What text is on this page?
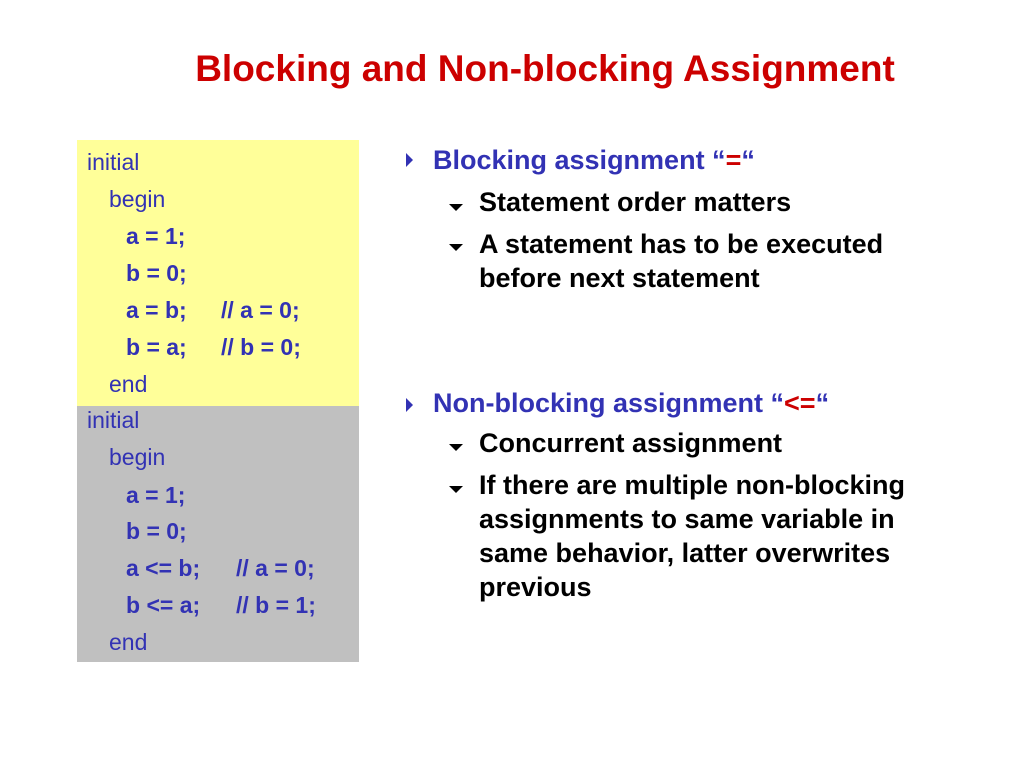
Blocking and Non-blocking Assignment
initial
begin
a = 1;
b = 0;
a = b; // a = 0;
b = a; // b = 0;
end
initial
begin
a = 1;
b = 0;
a <= b; // a = 0;
b <= a; // b = 1;
end
Blocking assignment “=“
Statement order matters
A statement has to be executed before next statement
Non-blocking assignment “<=“
Concurrent assignment
If there are multiple non-blocking assignments to same variable in same behavior, latter overwrites previous
